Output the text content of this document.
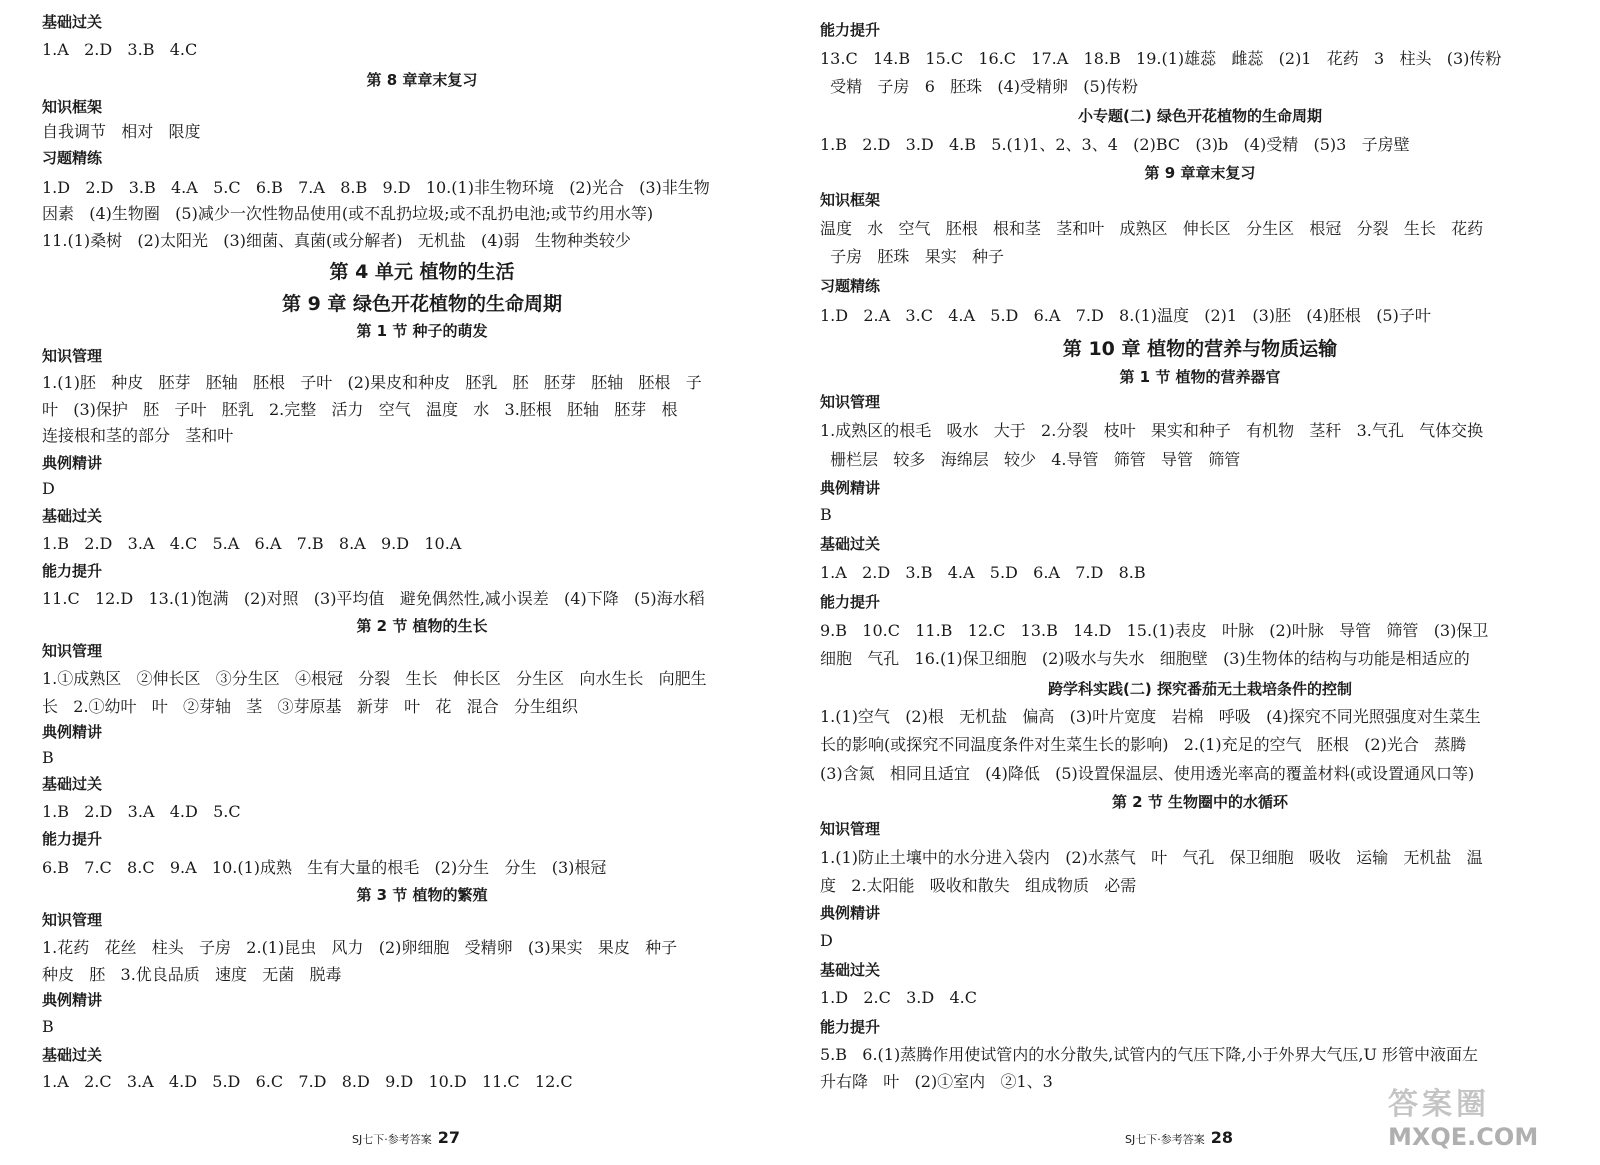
基础过关
1.A   2.D   3.B   4.C
第 8 章章末复习
知识框架
自我调节   相对   限度
习题精练
1.D   2.D   3.B   4.A   5.C   6.B   7.A   8.B   9.D   10.(1)非生物环境   (2)光合   (3)非生物
因素   (4)生物圈   (5)减少一次性物品使用(或不乱扔垃圾;或不乱扔电池;或节约用水等)
11.(1)桑树   (2)太阳光   (3)细菌、真菌(或分解者)   无机盐   (4)弱   生物种类较少
第 4 单元 植物的生活
第 9 章 绿色开花植物的生命周期
第 1 节 种子的萌发
知识管理
1.(1)胚   种皮   胚芽   胚轴   胚根   子叶   (2)果皮和种皮   胚乳   胚   胚芽   胚轴   胚根   子
叶   (3)保护   胚   子叶   胚乳   2.完整   活力   空气   温度   水   3.胚根   胚轴   胚芽   根
连接根和茎的部分   茎和叶
典例精讲
D
基础过关
1.B   2.D   3.A   4.C   5.A   6.A   7.B   8.A   9.D   10.A
能力提升
11.C   12.D   13.(1)饱满   (2)对照   (3)平均值   避免偶然性,减小误差   (4)下降   (5)海水稻
第 2 节 植物的生长
知识管理
1.①成熟区   ②伸长区   ③分生区   ④根冠   分裂   生长   伸长区   分生区   向水生长   向肥生
长   2.①幼叶   叶   ②芽轴   茎   ③芽原基   新芽   叶   花   混合   分生组织
典例精讲
B
基础过关
1.B   2.D   3.A   4.D   5.C
能力提升
6.B   7.C   8.C   9.A   10.(1)成熟   生有大量的根毛   (2)分生   分生   (3)根冠
第 3 节 植物的繁殖
知识管理
1.花药   花丝   柱头   子房   2.(1)昆虫   风力   (2)卵细胞   受精卵   (3)果实   果皮   种子
种皮   胚   3.优良品质   速度   无菌   脱毒
典例精讲
B
基础过关
1.A   2.C   3.A   4.D   5.D   6.C   7.D   8.D   9.D   10.D   11.C   12.C
能力提升
13.C   14.B   15.C   16.C   17.A   18.B   19.(1)雄蕊   雌蕊   (2)1   花药   3   柱头   (3)传粉
受精   子房   6   胚珠   (4)受精卵   (5)传粉
小专题(二) 绿色开花植物的生命周期
1.B   2.D   3.D   4.B   5.(1)1、2、3、4   (2)BC   (3)b   (4)受精   (5)3   子房壁
第 9 章章末复习
知识框架
温度   水   空气   胚根   根和茎   茎和叶   成熟区   伸长区   分生区   根冠   分裂   生长   花药
子房   胚珠   果实   种子
习题精练
1.D   2.A   3.C   4.A   5.D   6.A   7.D   8.(1)温度   (2)1   (3)胚   (4)胚根   (5)子叶
第 10 章 植物的营养与物质运输
第 1 节 植物的营养器官
知识管理
1.成熟区的根毛   吸水   大于   2.分裂   枝叶   果实和种子   有机物   茎秆   3.气孔   气体交换
栅栏层   较多   海绵层   较少   4.导管   筛管   导管   筛管
典例精讲
B
基础过关
1.A   2.D   3.B   4.A   5.D   6.A   7.D   8.B
能力提升
9.B   10.C   11.B   12.C   13.B   14.D   15.(1)表皮   叶脉   (2)叶脉   导管   筛管   (3)保卫
细胞   气孔   16.(1)保卫细胞   (2)吸水与失水   细胞壁   (3)生物体的结构与功能是相适应的
跨学科实践(二) 探究番茄无土栽培条件的控制
1.(1)空气   (2)根   无机盐   偏高   (3)叶片宽度   岩棉   呼吸   (4)探究不同光照强度对生菜生
长的影响(或探究不同温度条件对生菜生长的影响)   2.(1)充足的空气   胚根   (2)光合   蒸腾
(3)含氮   相同且适宜   (4)降低   (5)设置保温层、使用透光率高的覆盖材料(或设置通风口等)
第 2 节 生物圈中的水循环
知识管理
1.(1)防止土壤中的水分进入袋内   (2)水蒸气   叶   气孔   保卫细胞   吸收   运输   无机盐   温
度   2.太阳能   吸收和散失   组成物质   必需
典例精讲
D
基础过关
1.D   2.C   3.D   4.C
能力提升
5.B   6.(1)蒸腾作用使试管内的水分散失,试管内的气压下降,小于外界大气压,U 形管中液面左
升右降   叶   (2)①室内   ②1、3
SJ七下·参考答案 27	SJ七下·参考答案 28
答案圈
MXQE.COM
